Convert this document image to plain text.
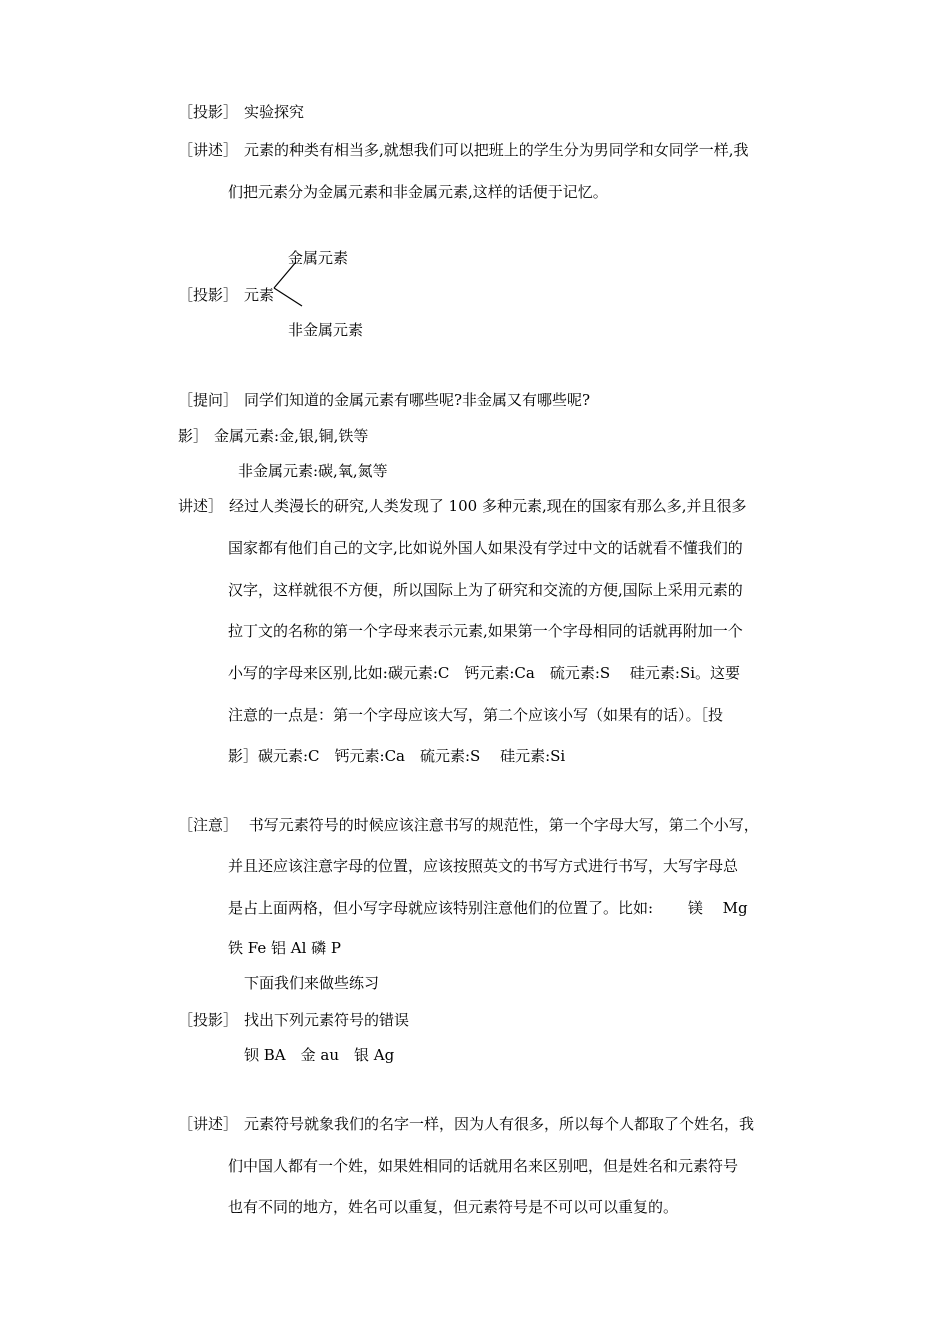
［投影］ 实验探究
［讲述］ 元素的种类有相当多,就想我们可以把班上的学生分为男同学和女同学一样,我
们把元素分为金属元素和非金属元素,这样的话便于记忆。
金属元素
［投影］ 元素
非金属元素
［提问］ 同学们知道的金属元素有哪些呢?非金属又有哪些呢?
影］ 金属元素:金,银,铜,铁等
非金属元素:碳,氧,氮等
讲述］ 经过人类漫长的研究,人类发现了 100 多种元素,现在的国家有那么多,并且很多
国家都有他们自己的文字,比如说外国人如果没有学过中文的话就看不懂我们的
汉字，这样就很不方便，所以国际上为了研究和交流的方便,国际上采用元素的
拉丁文的名称的第一个字母来表示元素,如果第一个字母相同的话就再附加一个
小写的字母来区别,比如:碳元素:C　钙元素:Ca　硫元素:S　 硅元素:Si。这要
注意的一点是：第一个字母应该大写，第二个应该小写（如果有的话）。［投
影］碳元素:C　钙元素:Ca　硫元素:S　 硅元素:Si
［注意］ 书写元素符号的时候应该注意书写的规范性，第一个字母大写，第二个小写，
并且还应该注意字母的位置，应该按照英文的书写方式进行书写，大写字母总
是占上面两格，但小写字母就应该特别注意他们的位置了。比如:　　 镁　 Mg
铁 Fe 铝 Al 磷 P
下面我们来做些练习
［投影］ 找出下列元素符号的错误
钡 BA　金 au　银 Ag
［讲述］ 元素符号就象我们的名字一样，因为人有很多，所以每个人都取了个姓名，我
们中国人都有一个姓，如果姓相同的话就用名来区别吧，但是姓名和元素符号
也有不同的地方，姓名可以重复，但元素符号是不可以可以重复的。
